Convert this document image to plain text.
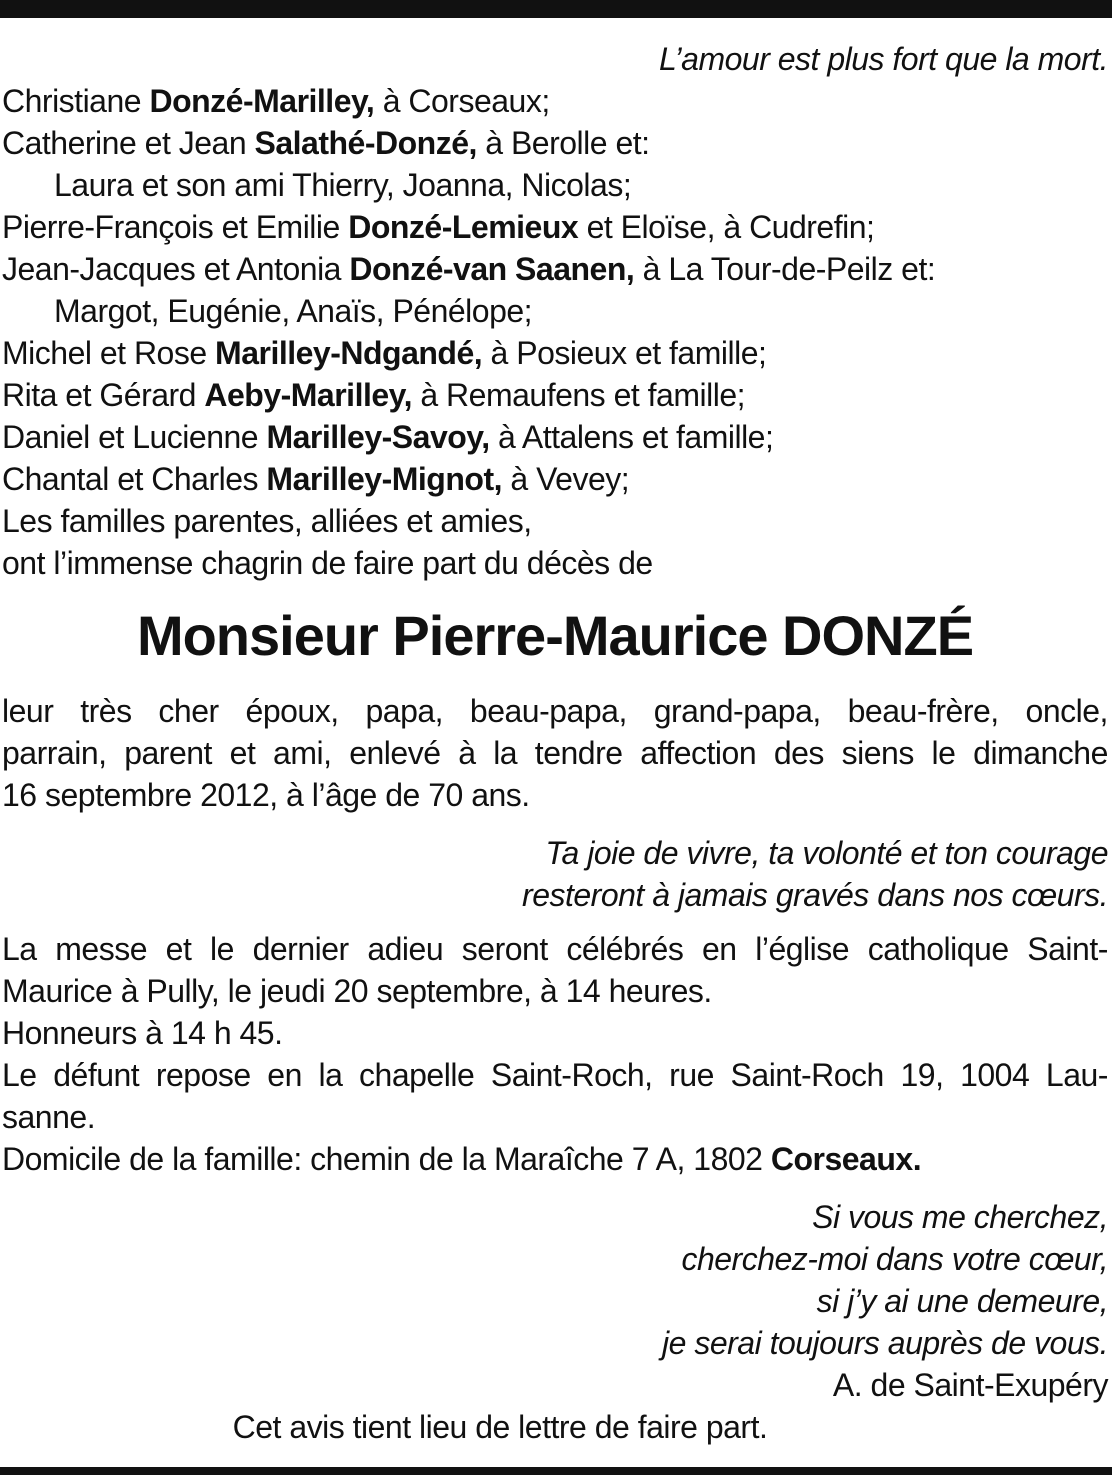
L’amour est plus fort que la mort.
Christiane Donzé-Marilley, à Corseaux;
Catherine et Jean Salathé-Donzé, à Berolle et:
Laura et son ami Thierry, Joanna, Nicolas;
Pierre-François et Emilie Donzé-Lemieux et Eloïse, à Cudrefin;
Jean-Jacques et Antonia Donzé-van Saanen, à La Tour-de-Peilz et:
Margot, Eugénie, Anaïs, Pénélope;
Michel et Rose Marilley-Ndgandé, à Posieux et famille;
Rita et Gérard Aeby-Marilley, à Remaufens et famille;
Daniel et Lucienne Marilley-Savoy, à Attalens et famille;
Chantal et Charles Marilley-Mignot, à Vevey;
Les familles parentes, alliées et amies,
ont l’immense chagrin de faire part du décès de
Monsieur Pierre-Maurice DONZÉ
leur très cher époux, papa, beau-papa, grand-papa, beau-frère, oncle,
parrain, parent et ami, enlevé à la tendre affection des siens le dimanche
16 septembre 2012, à l’âge de 70 ans.
Ta joie de vivre, ta volonté et ton courage
resteront à jamais gravés dans nos cœurs.
La messe et le dernier adieu seront célébrés en l’église catholique Saint-
Maurice à Pully, le jeudi 20 septembre, à 14 heures.
Honneurs à 14 h 45.
Le défunt repose en la chapelle Saint-Roch, rue Saint-Roch 19, 1004 Lau-
sanne.
Domicile de la famille: chemin de la Maraîche 7 A, 1802 Corseaux.
Si vous me cherchez,
cherchez-moi dans votre cœur,
si j’y ai une demeure,
je serai toujours auprès de vous.
A. de Saint-Exupéry
Cet avis tient lieu de lettre de faire part.
